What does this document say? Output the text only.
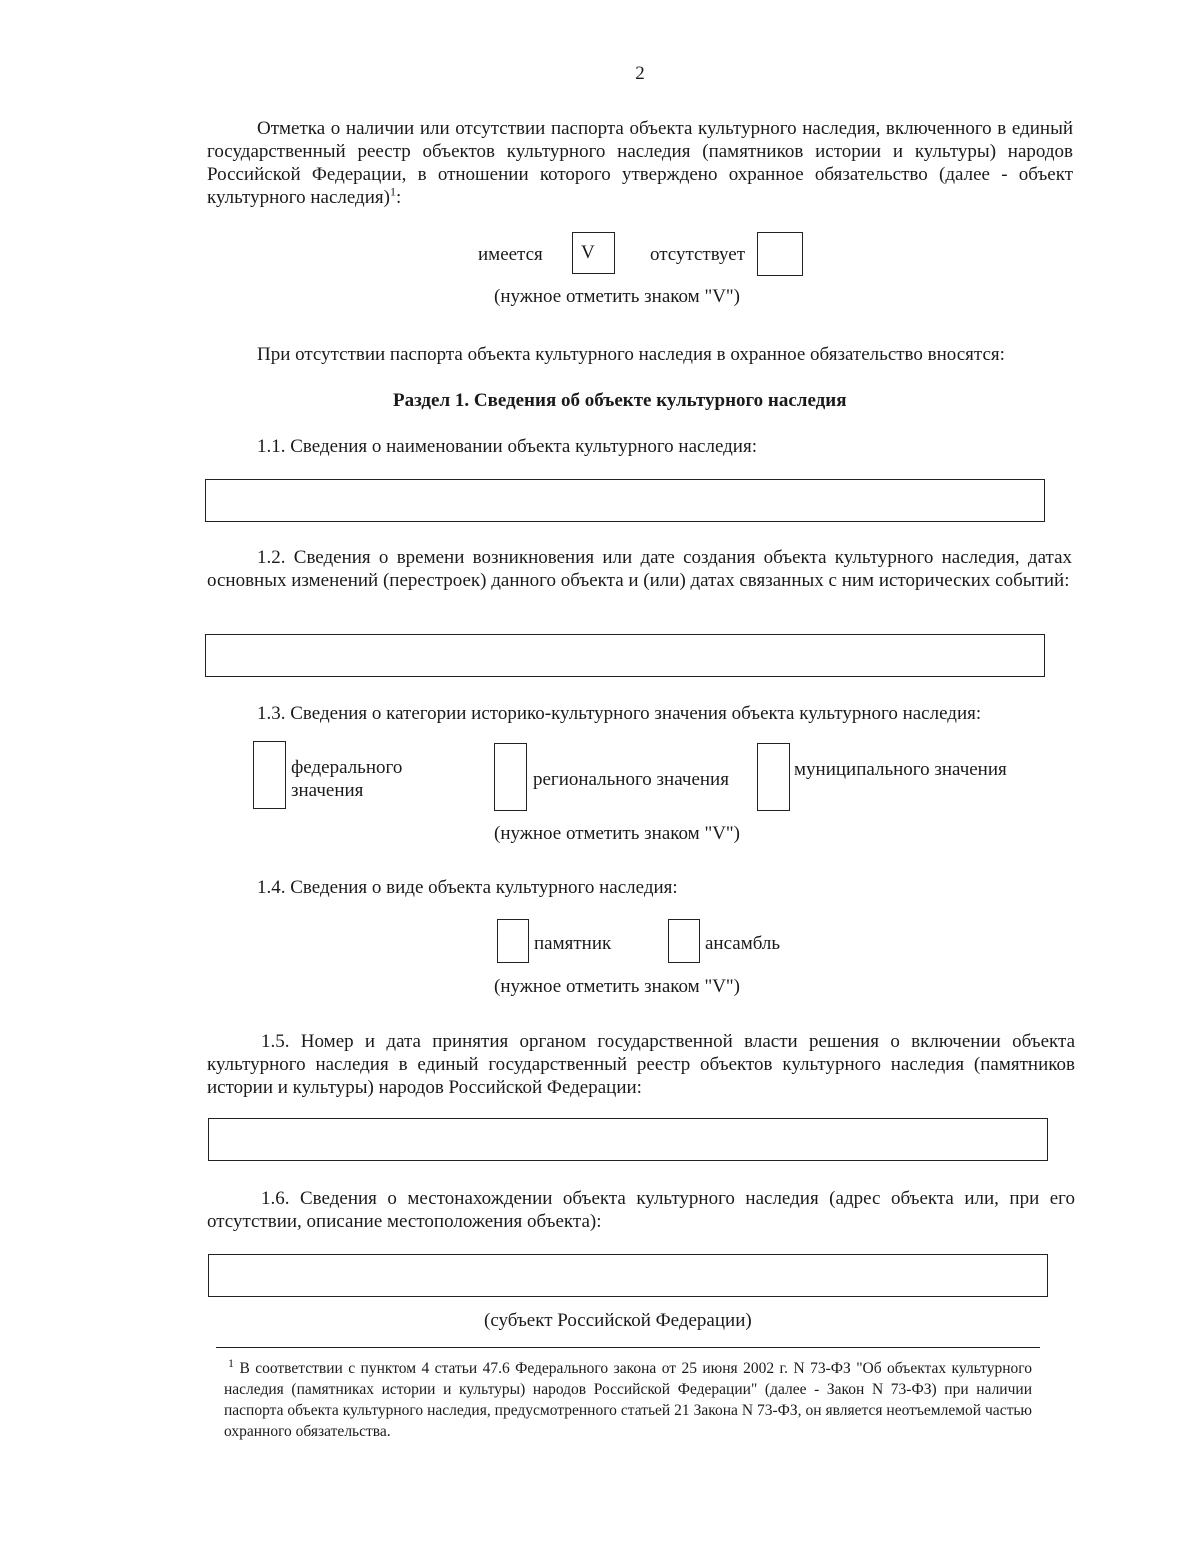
2
Отметка о наличии или отсутствии паспорта объекта культурного наследия, включенного в единый государственный реестр объектов культурного наследия (памятников истории и культуры) народов Российской Федерации, в отношении которого утверждено охранное обязательство (далее - объект культурного наследия)$^1$:
имеется V	отсутствует
(нужное отметить знаком "V")
При отсутствии паспорта объекта культурного наследия в охранное обязательство вносятся:
Раздел 1. Сведения об объекте культурного наследия
1.1. Сведения о наименовании объекта культурного наследия:
1.2. Сведения о времени возникновения или дате создания объекта культурного наследия, датах основных изменений (перестроек) данного объекта и (или) датах связанных с ним исторических событий:
1.3. Сведения о категории историко-культурного значения объекта культурного наследия:
федерального
значения
регионального значения	муниципального значения
(нужное отметить знаком "V")
1.4. Сведения о виде объекта культурного наследия:
памятник	ансамбль
(нужное отметить знаком "V")
1.5. Номер и дата принятия органом государственной власти решения о включении объекта культурного наследия в единый государственный реестр объектов культурного наследия (памятников истории и культуры) народов Российской Федерации:
1.6. Сведения о местонахождении объекта культурного наследия (адрес объекта или, при его отсутствии, описание местоположения объекта):
(субъект Российской Федерации)
$^1$ В соответствии с пунктом 4 статьи 47.6 Федерального закона от 25 июня 2002 г. N 73-ФЗ "Об объектах культурного наследия (памятниках истории и культуры) народов Российской Федерации" (далее - Закон N 73-ФЗ) при наличии паспорта объекта культурного наследия, предусмотренного статьей 21 Закона N 73-ФЗ, он является неотъемлемой частью охранного обязательства.
